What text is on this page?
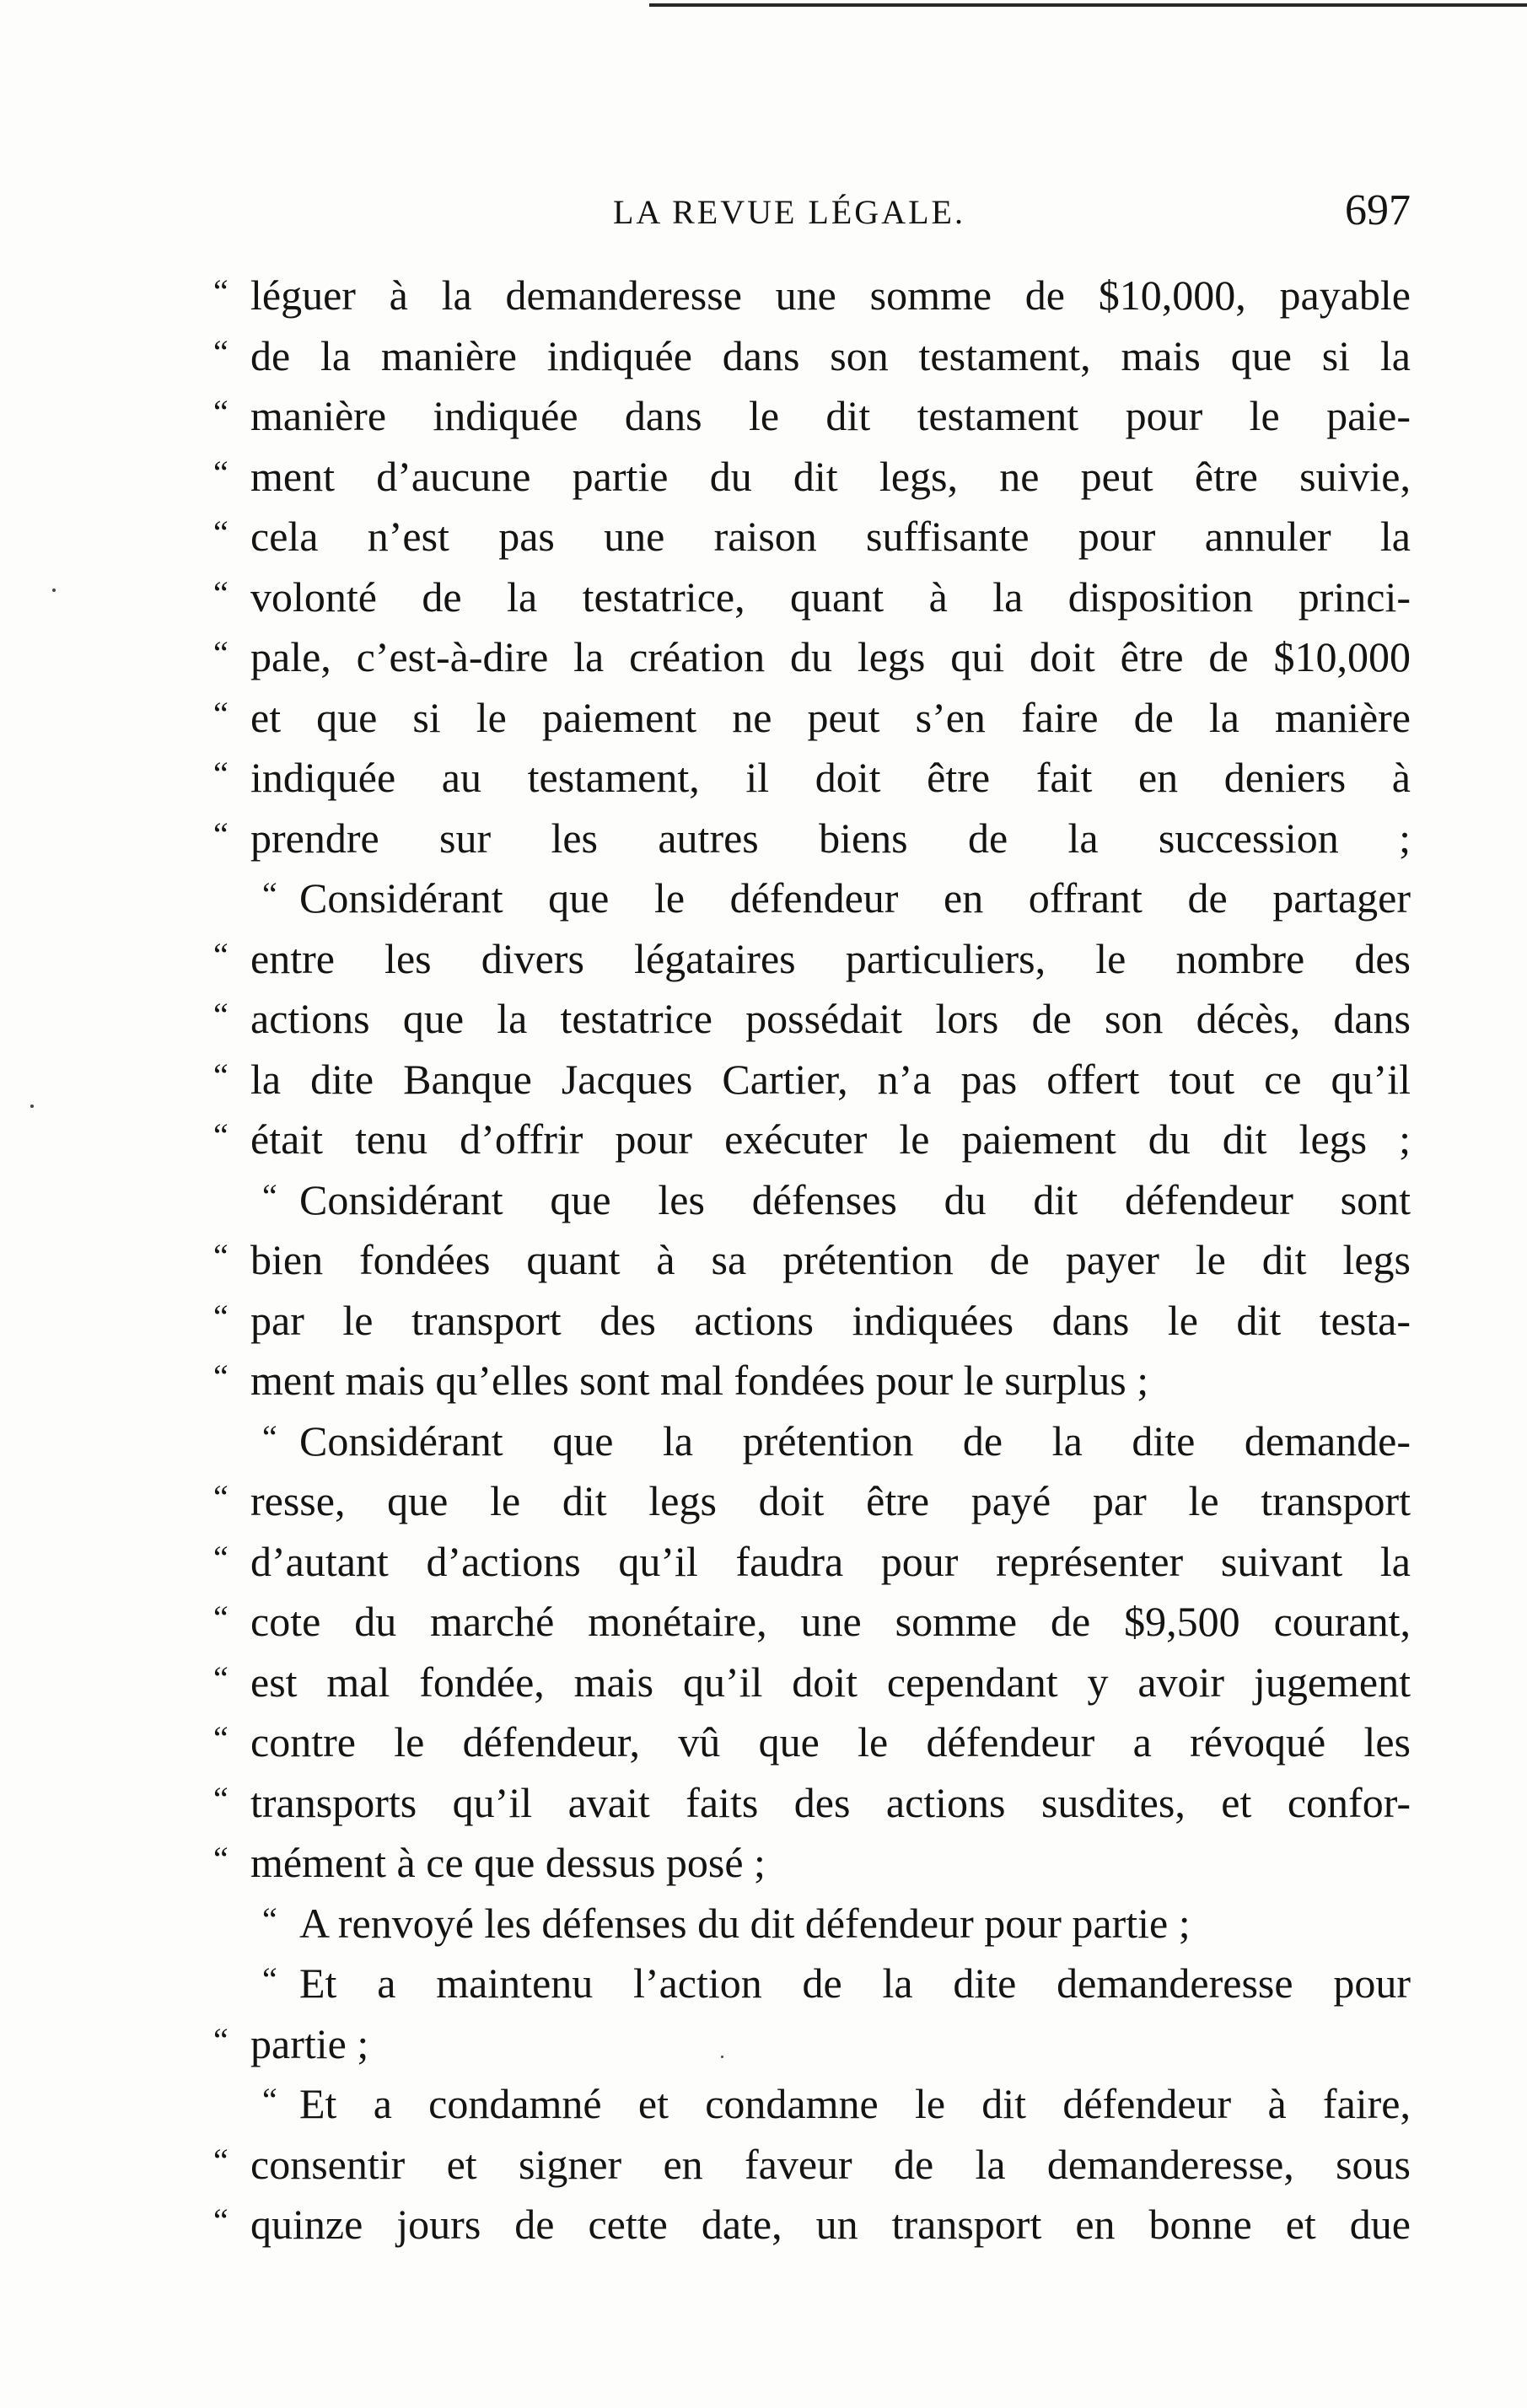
LA REVUE LÉGALE.	697
“ léguer à la demanderesse une somme de $10,000, payable
“ de la manière indiquée dans son testament, mais que si la
“ manière indiquée dans le dit testament pour le paie-
“ ment d’aucune partie du dit legs, ne peut être suivie,
“ cela n’est pas une raison suffisante pour annuler la
“ volonté de la testatrice, quant à la disposition princi-
“ pale, c’est-à-dire la création du legs qui doit être de $10,000
“ et que si le paiement ne peut s’en faire de la manière
“ indiquée au testament, il doit être fait en deniers à
“ prendre sur les autres biens de la succession ;
“ Considérant que le défendeur en offrant de partager
“ entre les divers légataires particuliers, le nombre des
“ actions que la testatrice possédait lors de son décès, dans
“ la dite Banque Jacques Cartier, n’a pas offert tout ce qu’il
“ était tenu d’offrir pour exécuter le paiement du dit legs ;
“ Considérant que les défenses du dit défendeur sont
“ bien fondées quant à sa prétention de payer le dit legs
“ par le transport des actions indiquées dans le dit testa-
“ ment mais qu’elles sont mal fondées pour le surplus ;
“ Considérant que la prétention de la dite demande-
“ resse, que le dit legs doit être payé par le transport
“ d’autant d’actions qu’il faudra pour représenter suivant la
“ cote du marché monétaire, une somme de $9,500 courant,
“ est mal fondée, mais qu’il doit cependant y avoir jugement
“ contre le défendeur, vû que le défendeur a révoqué les
“ transports qu’il avait faits des actions susdites, et confor-
“ mément à ce que dessus posé ;
“ A renvoyé les défenses du dit défendeur pour partie ;
“ Et a maintenu l’action de la dite demanderesse pour
“ partie ;
“ Et a condamné et condamne le dit défendeur à faire,
“ consentir et signer en faveur de la demanderesse, sous
“ quinze jours de cette date, un transport en bonne et due
